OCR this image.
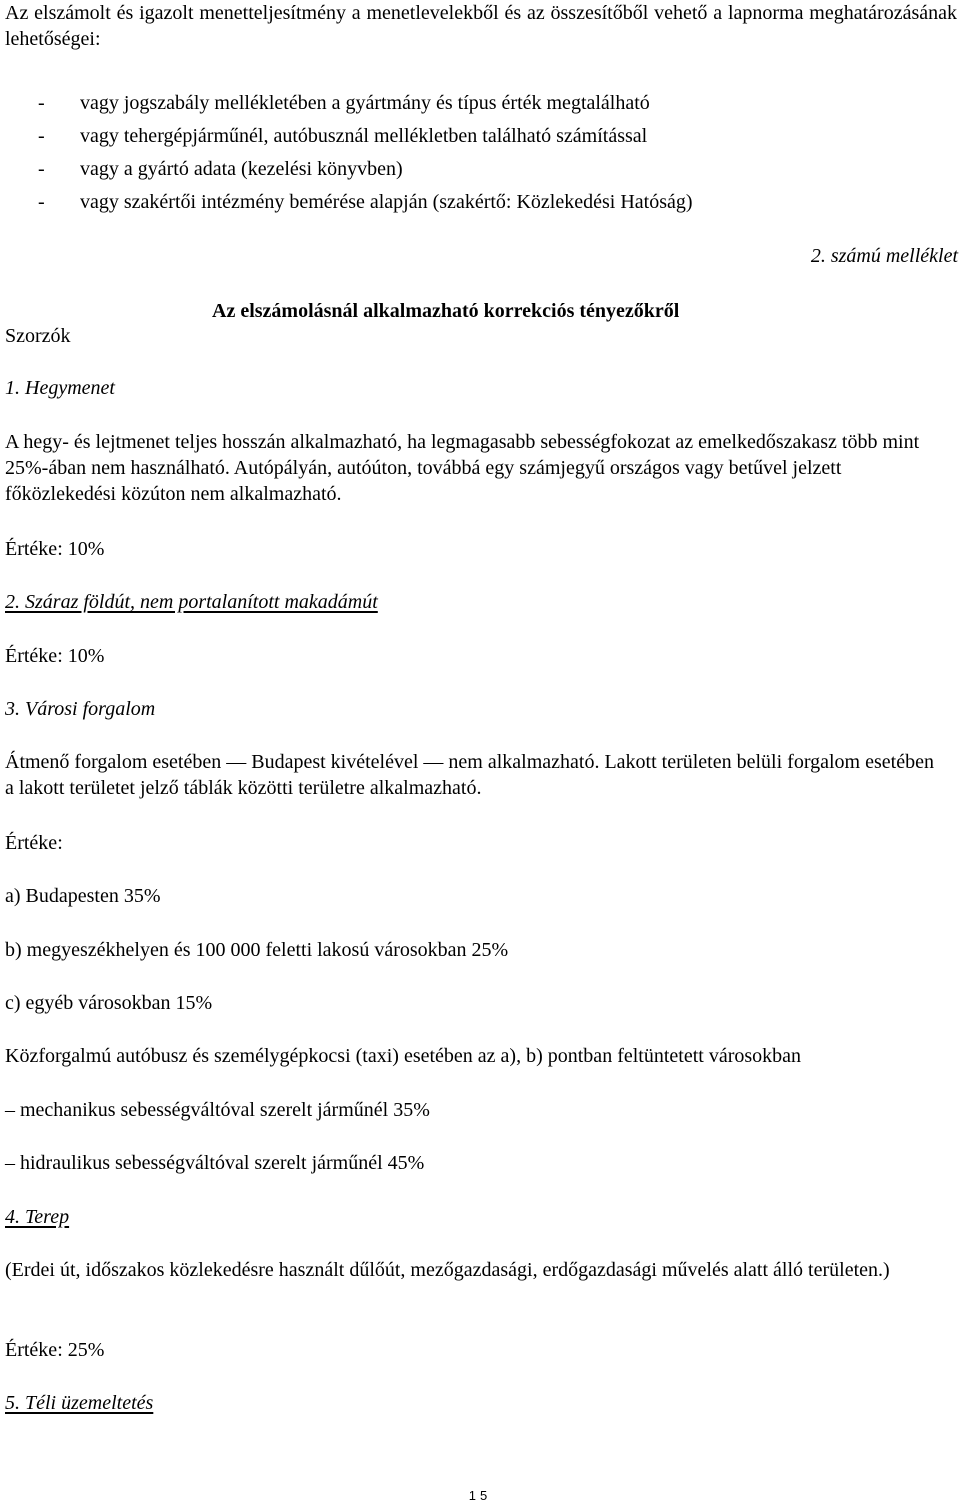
Az elszámolt és igazolt menetteljesítmény a menetlevelekből és az összesítőből vehető a lapnorma meghatározásának lehetőségei:
- vagy jogszabály mellékletében a gyártmány és típus érték megtalálható
- vagy tehergépjárműnél, autóbusznál mellékletben található számítással
- vagy a gyártó adata (kezelési könyvben)
- vagy szakértői intézmény bemérése alapján (szakértő: Közlekedési Hatóság)
2. számú melléklet
Az elszámolásnál alkalmazható korrekciós tényezőkről
Szorzók
1. Hegymenet
A hegy- és lejtmenet teljes hosszán alkalmazható, ha legmagasabb sebességfokozat az emelkedőszakasz több mint 25%-ában nem használható. Autópályán, autóúton, továbbá egy számjegyű országos vagy betűvel jelzett főközlekedési közúton nem alkalmazható.
Értéke: 10%
2. Száraz földút, nem portalanított makadámút
Értéke: 10%
3. Városi forgalom
Átmenő forgalom esetében — Budapest kivételével — nem alkalmazható. Lakott területen belüli forgalom esetében a lakott területet jelző táblák közötti területre alkalmazható.
Értéke:
a) Budapesten 35%
b) megyeszékhelyen és 100 000 feletti lakosú városokban 25%
c) egyéb városokban 15%
Közforgalmú autóbusz és személygépkocsi (taxi) esetében az a), b) pontban feltüntetett városokban
– mechanikus sebességváltóval szerelt járműnél 35%
– hidraulikus sebességváltóval szerelt járműnél 45%
4. Terep
(Erdei út, időszakos közlekedésre használt dűlőút, mezőgazdasági, erdőgazdasági művelés alatt álló területen.)
Értéke: 25%
5. Téli üzemeltetés
15
